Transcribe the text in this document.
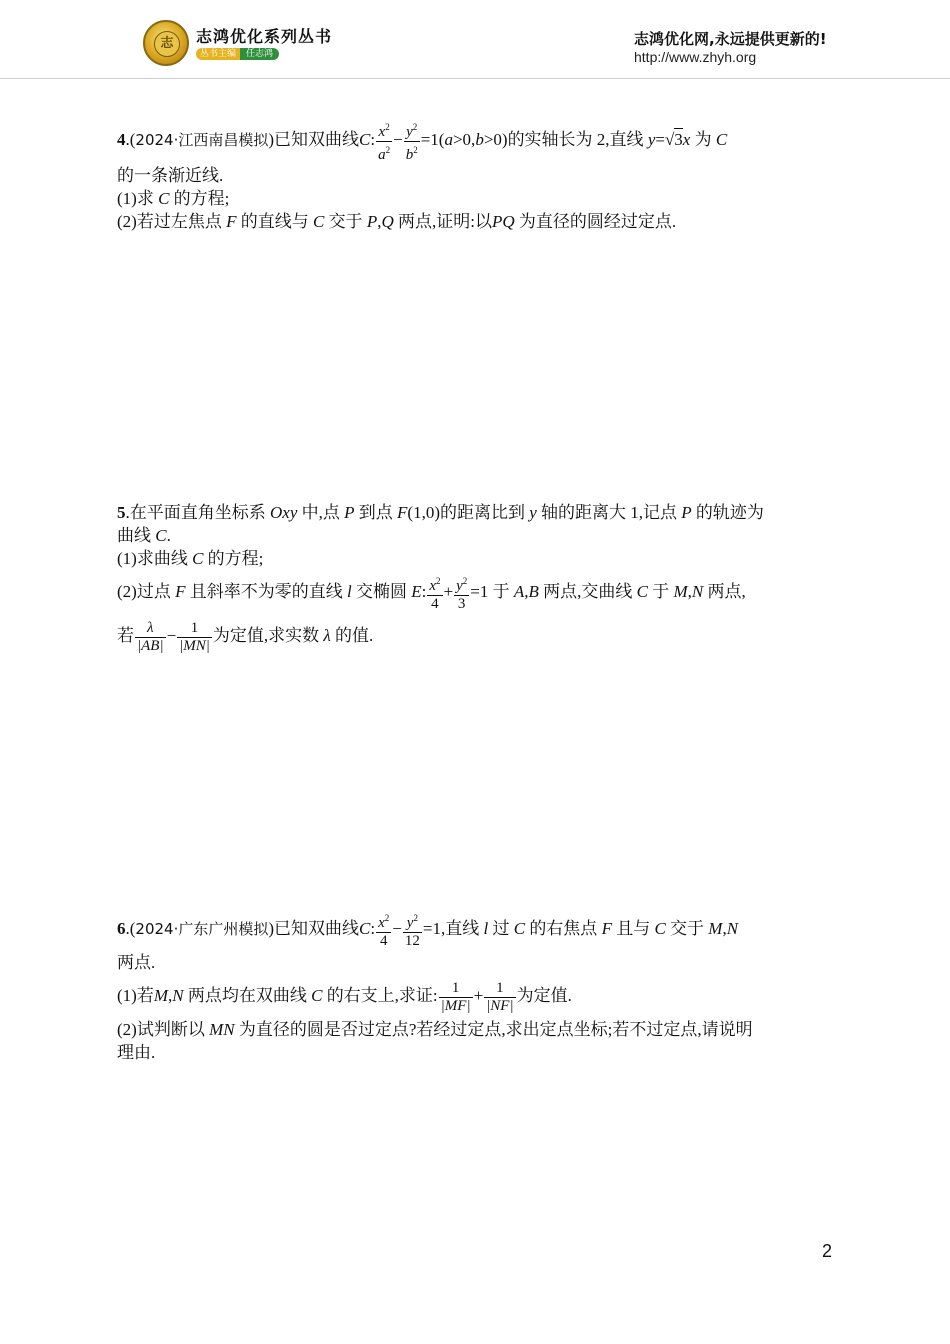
志	志鸿优化系列丛书
丛书主编 任志鸿
志鸿优化网,永远提供更新的!
http://www.zhyh.org
4.(2024·江西南昌模拟)已知双曲线C: $\frac{x^2}{a^2} - \frac{y^2}{b^2} =1(a>0,b>0)$的实轴长为 2,直线 y=√3x 为 C
的一条渐近线.
(1)求 C 的方程;
(2)若过左焦点 F 的直线与 C 交于 P,Q 两点,证明:以PQ 为直径的圆经过定点.
5.在平面直角坐标系 Oxy 中,点 P 到点 F(1,0)的距离比到 y 轴的距离大 1,记点 P 的轨迹为
曲线 C.
(1)求曲线 C 的方程;
(2)过点 F 且斜率不为零的直线 l 交椭圆 E: $\frac{x^2}{4} + \frac{y^2}{3} =1$ 于 A,B 两点,交曲线 C 于 M,N 两点,
若 $\frac{\lambda}{|AB|} - \frac{1}{|MN|}$ 为定值,求实数 λ 的值.
6.(2024·广东广州模拟)已知双曲线C: $\frac{x^2}{4} - \frac{y^2}{12} =1$,直线 l 过 C 的右焦点 F 且与 C 交于 M,N
两点.
(1)若M,N 两点均在双曲线 C 的右支上,求证: $\frac{1}{|MF|} + \frac{1}{|NF|}$ 为定值.
(2)试判断以 MN 为直径的圆是否过定点?若经过定点,求出定点坐标;若不过定点,请说明
理由.
2
